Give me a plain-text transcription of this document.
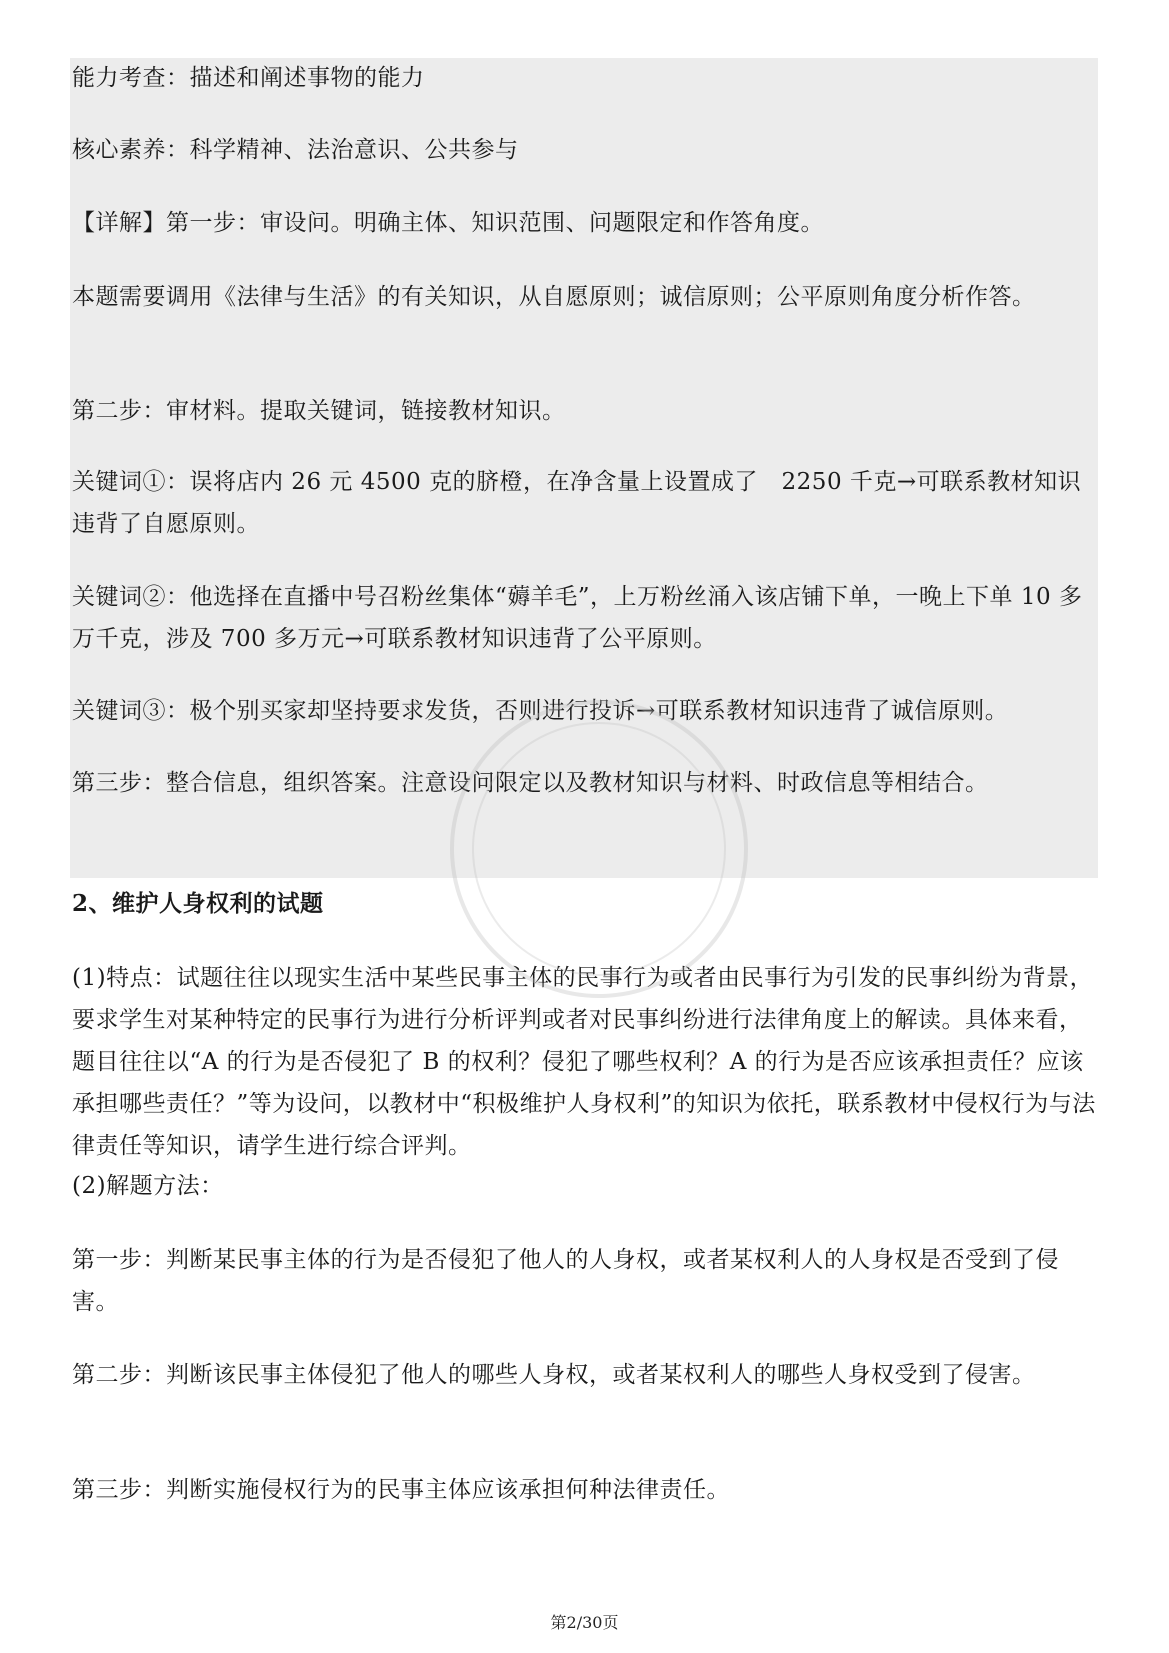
能力考查：描述和阐述事物的能力
核心素养：科学精神、法治意识、公共参与
【详解】第一步：审设问。明确主体、知识范围、问题限定和作答角度。
本题需要调用《法律与生活》的有关知识，从自愿原则；诚信原则；公平原则角度分析作答。
第二步：审材料。提取关键词，链接教材知识。
关键词①：误将店内 26 元 4500 克的脐橙，在净含量上设置成了　2250 千克→可联系教材知识违背了自愿原则。
关键词②：他选择在直播中号召粉丝集体“薅羊毛”，上万粉丝涌入该店铺下单，一晚上下单 10 多万千克，涉及 700 多万元→可联系教材知识违背了公平原则。
关键词③：极个别买家却坚持要求发货，否则进行投诉→可联系教材知识违背了诚信原则。
第三步：整合信息，组织答案。注意设问限定以及教材知识与材料、时政信息等相结合。
2、维护人身权利的试题
(1)特点：试题往往以现实生活中某些民事主体的民事行为或者由民事行为引发的民事纠纷为背景，要求学生对某种特定的民事行为进行分析评判或者对民事纠纷进行法律角度上的解读。具体来看，题目往往以“A 的行为是否侵犯了 B 的权利？侵犯了哪些权利？A 的行为是否应该承担责任？应该承担哪些责任？”等为设问，以教材中“积极维护人身权利”的知识为依托，联系教材中侵权行为与法律责任等知识，请学生进行综合评判。
(2)解题方法：
第一步：判断某民事主体的行为是否侵犯了他人的人身权，或者某权利人的人身权是否受到了侵害。
第二步：判断该民事主体侵犯了他人的哪些人身权，或者某权利人的哪些人身权受到了侵害。
第三步：判断实施侵权行为的民事主体应该承担何种法律责任。
第2/30页
